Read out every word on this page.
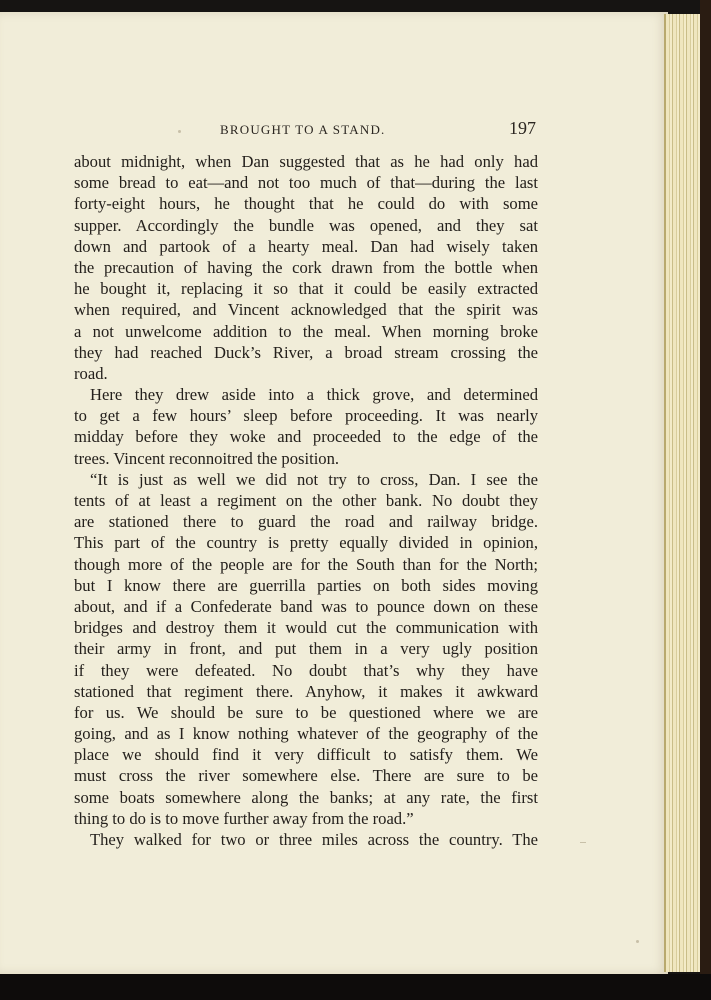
BROUGHT TO A STAND.	197
about midnight, when Dan suggested that as he had only had
some bread to eat—and not too much of that—during the last
forty-eight hours, he thought that he could do with some
supper. Accordingly the bundle was opened, and they sat
down and partook of a hearty meal. Dan had wisely taken
the precaution of having the cork drawn from the bottle when
he bought it, replacing it so that it could be easily extracted
when required, and Vincent acknowledged that the spirit was
a not unwelcome addition to the meal. When morning broke
they had reached Duck’s River, a broad stream crossing the
road.
Here they drew aside into a thick grove, and determined
to get a few hours’ sleep before proceeding. It was nearly
midday before they woke and proceeded to the edge of the
trees. Vincent reconnoitred the position.
“It is just as well we did not try to cross, Dan. I see the
tents of at least a regiment on the other bank. No doubt they
are stationed there to guard the road and railway bridge.
This part of the country is pretty equally divided in opinion,
though more of the people are for the South than for the North;
but I know there are guerrilla parties on both sides moving
about, and if a Confederate band was to pounce down on these
bridges and destroy them it would cut the communication with
their army in front, and put them in a very ugly position
if they were defeated. No doubt that’s why they have
stationed that regiment there. Anyhow, it makes it awkward
for us. We should be sure to be questioned where we are
going, and as I know nothing whatever of the geography of the
place we should find it very difficult to satisfy them. We
must cross the river somewhere else. There are sure to be
some boats somewhere along the banks; at any rate, the first
thing to do is to move further away from the road.”
They walked for two or three miles across the country. The
